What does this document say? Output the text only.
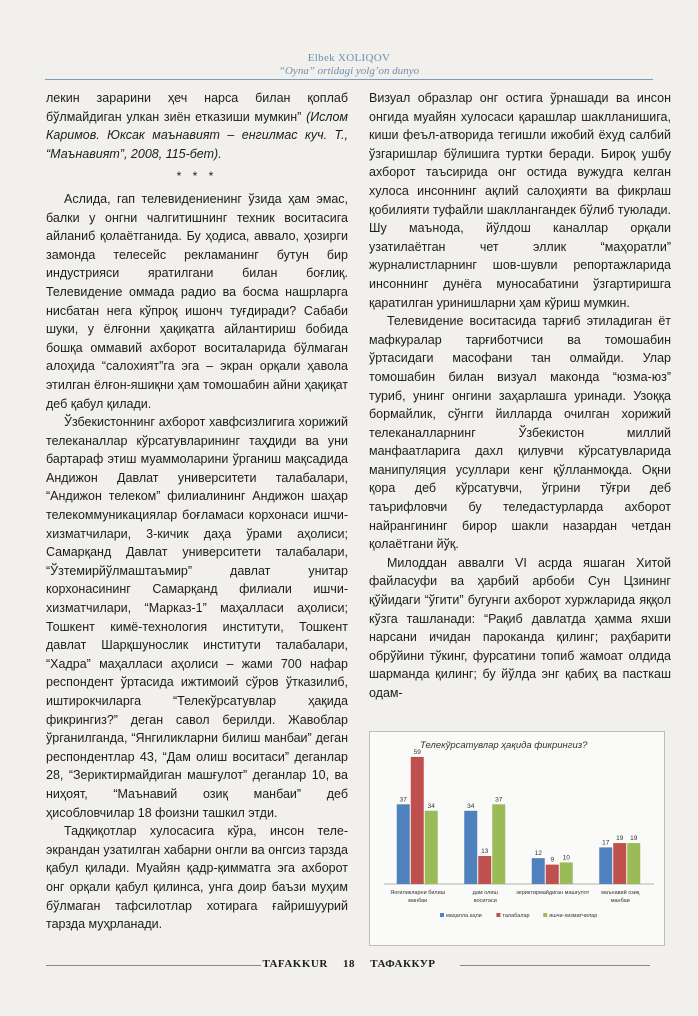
Elbek XOLIQOV
“Oyna” ortidagi yolg’on dunyo

лекин зарарини ҳеч нарса билан қоплаб бўлмайдиган улкан зиён етказиши мумкин” (Ислом Каримов. Юксак маънавият – енгилмас куч. Т., “Маънавият”, 2008, 115-бет).

* * *

Аслида, гап телевидениенинг ўзида ҳам эмас, балки у онгни чалгитишнинг техник воситасига айланиб қолаётганида. Бу ҳодиса, аввало, ҳозирги замонда телесейс рекламанинг бутун бир индустрияси яратилгани билан боғлиқ. Телевидение оммада радио ва босма нашрларга нисбатан нега кўпроқ ишонч туғдиради? Сабаби шуки, у ёлғонни ҳақиқатга айлантириш бобида бошқа оммавий ахборот воситаларида бўлмаган алоҳида “салохият”га эга – экран орқали ҳавола этилган ёлғон-яшиқни ҳам томошабин айни ҳақиқат деб қабул қилади.

Ўзбекистоннинг ахборот хавфсизлигига хорижий телеканаллар кўрсатувларининг таҳдиди ва уни бартараф этиш муаммоларини ўрганиш мақсадида Андижон Давлат университети талабалари, “Андижон телеком” филиалининг Андижон шаҳар телекоммуникациялар боғламаси корхонаси ишчи-хизматчилари, 3-кичик даҳа ўрами аҳолиси; Самарқанд Давлат университети талабалари, “Ўзтемирйўлмаштаъмир” давлат унитар корхонасининг Самарқанд филиали ишчи-хизматчилари, “Марказ-1” маҳалласи аҳолиси; Тошкент кимё-технология институти, Тошкент давлат Шарқшунослик институти талабалари, “Хадра” маҳалласи аҳолиси – жами 700 нафар респондент ўртасида ижтимоий сўров ўтказилиб, иштирокчиларга “Телекўрсатувлар ҳақида фикрингиз?” деган савол берилди. Жавоблар ўрганилганда, “Янгиликларни билиш манбаи” деган респондентлар 43, “Дам олиш воситаси” деганлар 28, “Зериктирмайдиган машғулот” деганлар 10, ва ниҳоят, “Маънавий озиқ манбаи” деб ҳисобловчилар 18 фоизни ташкил этди.

Тадқиқотлар хулосасига кўра, инсон теле-экрандан узатилган хабарни онгли ва онгсиз тарзда қабул қилади. Муайян қадр-қимматга эга ахборот онг орқали қабул қилинса, унга доир баъзи муҳим бўлмаган тафсилотлар хотирага ғайришуурий тарзда муҳрланади.

Визуал образлар онг остига ўрнашади ва инсон онгида муайян хулосаси қарашлар шаклланишига, киши феъл-атворида тегишли ижобий ёхуд салбий ўзгаришлар бўлишига туртки беради. Бироқ ушбу ахборот таъсирида онг остида вужудга келган хулоса инсоннинг ақлий салоҳияти ва фикрлаш қобилияти туфайли шакллангандек бўлиб туюлади. Шу маънода, йўлдош каналлар орқали узатилаётган чет эллик “маҳоратли” журналистларнинг шов-шувли репортажларида инсоннинг дунёга муносабатини ўзгартиришга қаратилган уринишларни ҳам кўриш мумкин.

Телевидение воситасида тарғиб этиладиган ёт мафкуралар тарғиботчиси ва томошабин ўртасидаги масофани тан олмайди. Улар томошабин билан визуал маконда “юзма-юз” туриб, унинг онгини заҳарлашга уринади. Узоққа бормайлик, сўнгги йилларда очилган хорижий телеканалларнинг Ўзбекистон миллий манфаатларига дахл қилувчи кўрсатувларида манипуляция усуллари кенг қўлланмоқда. Оқни қора деб кўрсатувчи, ўгрини тўғри деб таърифловчи бу теледастурларда ахборот найрангининг бирор шакли назардан четдан қолаётгани йўқ.

Милоддан аввалги VI асрда яшаган Хитой файласуфи ва ҳарбий арбоби Сун Цзининг қўйидаги “ўгити” бугунги ахборот хуржларида яққол кўзга ташланади: “Рақиб давлатда ҳамма яхши нарсани ичидан пароканда қилинг; раҳбарити обрўйини тўкинг, фурсатини топиб жамоат олдида шарманда қилинг; бу йўлда энг қабиҳ ва пасткаш одам-

Телекўрсатувлар ҳақида фикрингиз?
37
59
34
Янгиликларни билиш
манбаи
34
13
37
дам олиш
воситаси
12
9 10
зериктирмайдиган машғулот
17
19 19
маънавий озиқ
манбаи
маҳалла аҳли	талабалар	ишчи-хизматчилар
TAFAKKUR 18 ТАФАККУР
